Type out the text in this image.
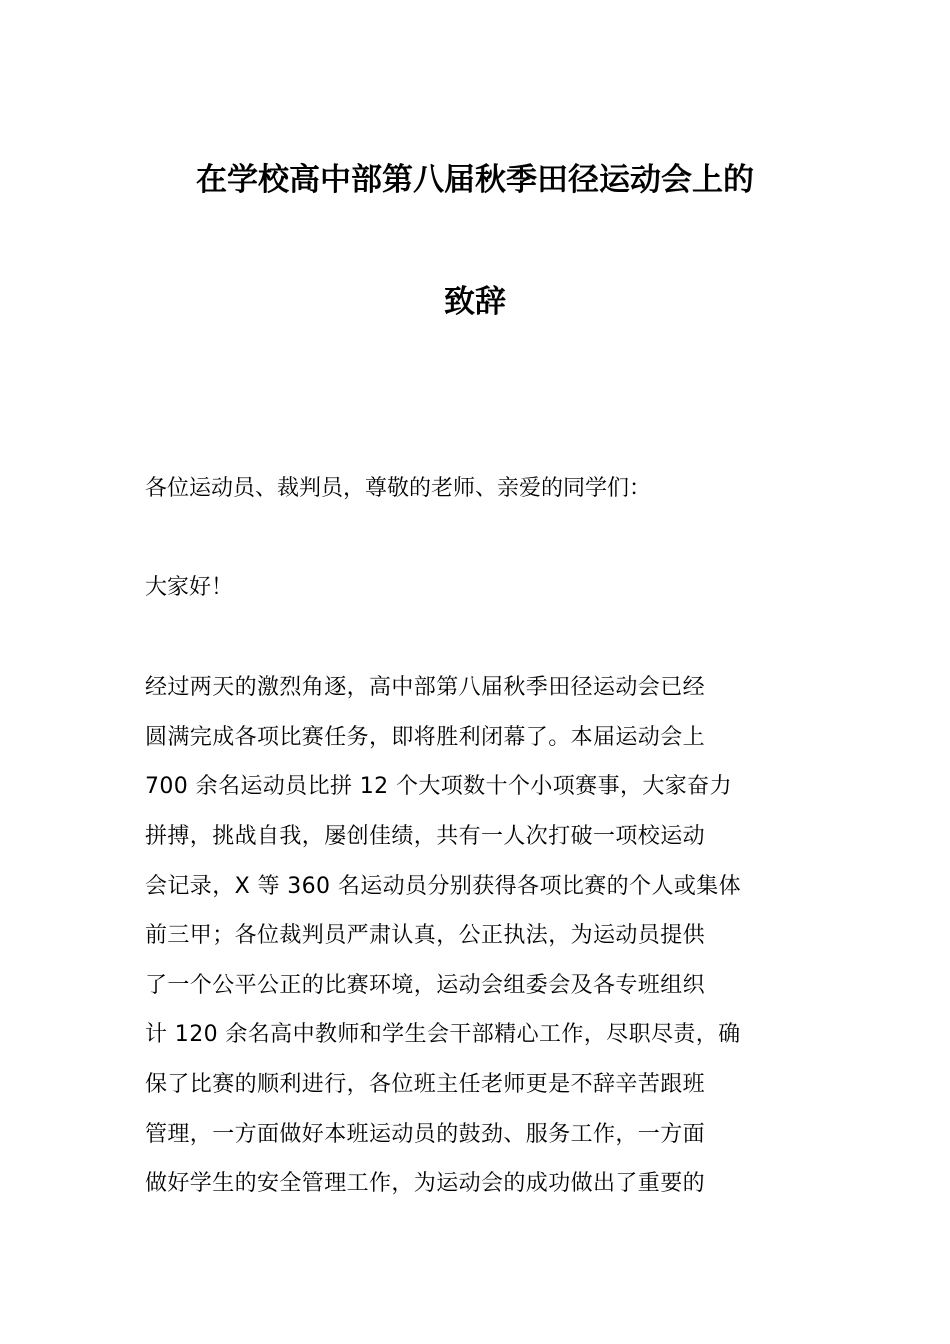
在学校高中部第八届秋季田径运动会上的
致辞
各位运动员、裁判员，尊敬的老师、亲爱的同学们：
大家好！
经过两天的激烈角逐，高中部第八届秋季田径运动会已经
圆满完成各项比赛任务，即将胜利闭幕了。本届运动会上
700 余名运动员比拼 12 个大项数十个小项赛事，大家奋力
拼搏，挑战自我，屡创佳绩，共有一人次打破一项校运动
会记录，X 等 360 名运动员分别获得各项比赛的个人或集体
前三甲；各位裁判员严肃认真，公正执法，为运动员提供
了一个公平公正的比赛环境，运动会组委会及各专班组织
计 120 余名高中教师和学生会干部精心工作，尽职尽责，确
保了比赛的顺利进行，各位班主任老师更是不辞辛苦跟班
管理，一方面做好本班运动员的鼓劲、服务工作，一方面
做好学生的安全管理工作，为运动会的成功做出了重要的
